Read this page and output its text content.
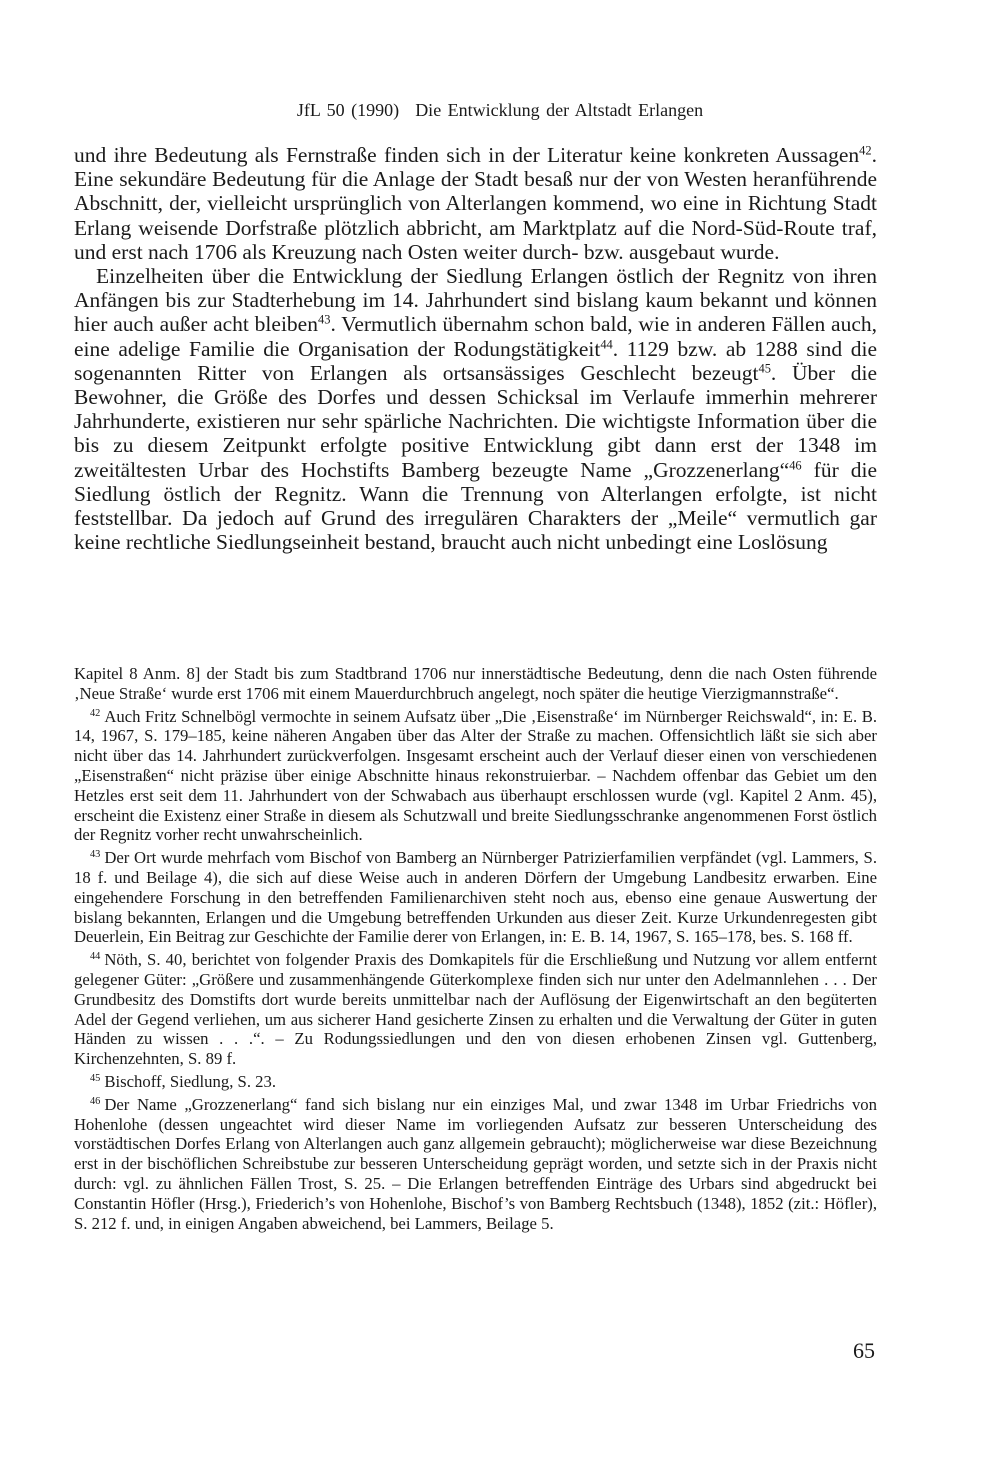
JfL 50 (1990) Die Entwicklung der Altstadt Erlangen

und ihre Bedeutung als Fernstraße finden sich in der Literatur keine konkreten Aussagen$^{42}$. Eine sekundäre Bedeutung für die Anlage der Stadt besaß nur der von Westen heranführende Abschnitt, der, vielleicht ursprünglich von Alterlangen kommend, wo eine in Richtung Stadt Erlang weisende Dorfstraße plötzlich abbricht, am Marktplatz auf die Nord-Süd-Route traf, und erst nach 1706 als Kreuzung nach Osten weiter durch- bzw. ausgebaut wurde.

Einzelheiten über die Entwicklung der Siedlung Erlangen östlich der Regnitz von ihren Anfängen bis zur Stadterhebung im 14. Jahrhundert sind bislang kaum bekannt und können hier auch außer acht bleiben$^{43}$. Vermutlich übernahm schon bald, wie in anderen Fällen auch, eine adelige Familie die Organisation der Rodungstätigkeit$^{44}$. 1129 bzw. ab 1288 sind die sogenannten Ritter von Erlangen als ortsansässiges Geschlecht bezeugt$^{45}$. Über die Bewohner, die Größe des Dorfes und dessen Schicksal im Verlaufe immerhin mehrerer Jahrhunderte, existieren nur sehr spärliche Nachrichten. Die wichtigste Information über die bis zu diesem Zeitpunkt erfolgte positive Entwicklung gibt dann erst der 1348 im zweitältesten Urbar des Hochstifts Bamberg bezeugte Name „Grozzenerlang“$^{46}$ für die Siedlung östlich der Regnitz. Wann die Trennung von Alterlangen erfolgte, ist nicht feststellbar. Da jedoch auf Grund des irregulären Charakters der „Meile“ vermutlich gar keine rechtliche Siedlungseinheit bestand, braucht auch nicht unbedingt eine Loslösung

Kapitel 8 Anm. 8] der Stadt bis zum Stadtbrand 1706 nur innerstädtische Bedeutung, denn die nach Osten führende ‚Neue Straße‘ wurde erst 1706 mit einem Mauerdurchbruch angelegt, noch später die heutige Vierzigmannstraße“.

$^{42}$ Auch Fritz Schnelbögl vermochte in seinem Aufsatz über „Die ‚Eisenstraße‘ im Nürnberger Reichswald“, in: E. B. 14, 1967, S. 179–185, keine näheren Angaben über das Alter der Straße zu machen. Offensichtlich läßt sie sich aber nicht über das 14. Jahrhundert zurückverfolgen. Insgesamt erscheint auch der Verlauf dieser einen von verschiedenen „Eisenstraßen“ nicht präzise über einige Abschnitte hinaus rekonstruierbar. – Nachdem offenbar das Gebiet um den Hetzles erst seit dem 11. Jahrhundert von der Schwabach aus überhaupt erschlossen wurde (vgl. Kapitel 2 Anm. 45), erscheint die Existenz einer Straße in diesem als Schutzwall und breite Siedlungsschranke angenommenen Forst östlich der Regnitz vorher recht unwahrscheinlich.

$^{43}$ Der Ort wurde mehrfach vom Bischof von Bamberg an Nürnberger Patrizierfamilien verpfändet (vgl. Lammers, S. 18 f. und Beilage 4), die sich auf diese Weise auch in anderen Dörfern der Umgebung Landbesitz erwarben. Eine eingehendere Forschung in den betreffenden Familienarchiven steht noch aus, ebenso eine genaue Auswertung der bislang bekannten, Erlangen und die Umgebung betreffenden Urkunden aus dieser Zeit. Kurze Urkundenregesten gibt Deuerlein, Ein Beitrag zur Geschichte der Familie derer von Erlangen, in: E. B. 14, 1967, S. 165–178, bes. S. 168 ff.

$^{44}$ Nöth, S. 40, berichtet von folgender Praxis des Domkapitels für die Erschließung und Nutzung vor allem entfernt gelegener Güter: „Größere und zusammenhängende Güterkomplexe finden sich nur unter den Adelmannlehen . . . Der Grundbesitz des Domstifts dort wurde bereits unmittelbar nach der Auflösung der Eigenwirtschaft an den begüterten Adel der Gegend verliehen, um aus sicherer Hand gesicherte Zinsen zu erhalten und die Verwaltung der Güter in guten Händen zu wissen . . .“. – Zu Rodungssiedlungen und den von diesen erhobenen Zinsen vgl. Guttenberg, Kirchenzehnten, S. 89 f.

$^{45}$ Bischoff, Siedlung, S. 23.

$^{46}$ Der Name „Grozzenerlang“ fand sich bislang nur ein einziges Mal, und zwar 1348 im Urbar Friedrichs von Hohenlohe (dessen ungeachtet wird dieser Name im vorliegenden Aufsatz zur besseren Unterscheidung des vorstädtischen Dorfes Erlang von Alterlangen auch ganz allgemein gebraucht); möglicherweise war diese Bezeichnung erst in der bischöflichen Schreibstube zur besseren Unterscheidung geprägt worden, und setzte sich in der Praxis nicht durch: vgl. zu ähnlichen Fällen Trost, S. 25. – Die Erlangen betreffenden Einträge des Urbars sind abgedruckt bei Constantin Höfler (Hrsg.), Friederich’s von Hohenlohe, Bischof’s von Bamberg Rechtsbuch (1348), 1852 (zit.: Höfler), S. 212 f. und, in einigen Angaben abweichend, bei Lammers, Beilage 5.

65
